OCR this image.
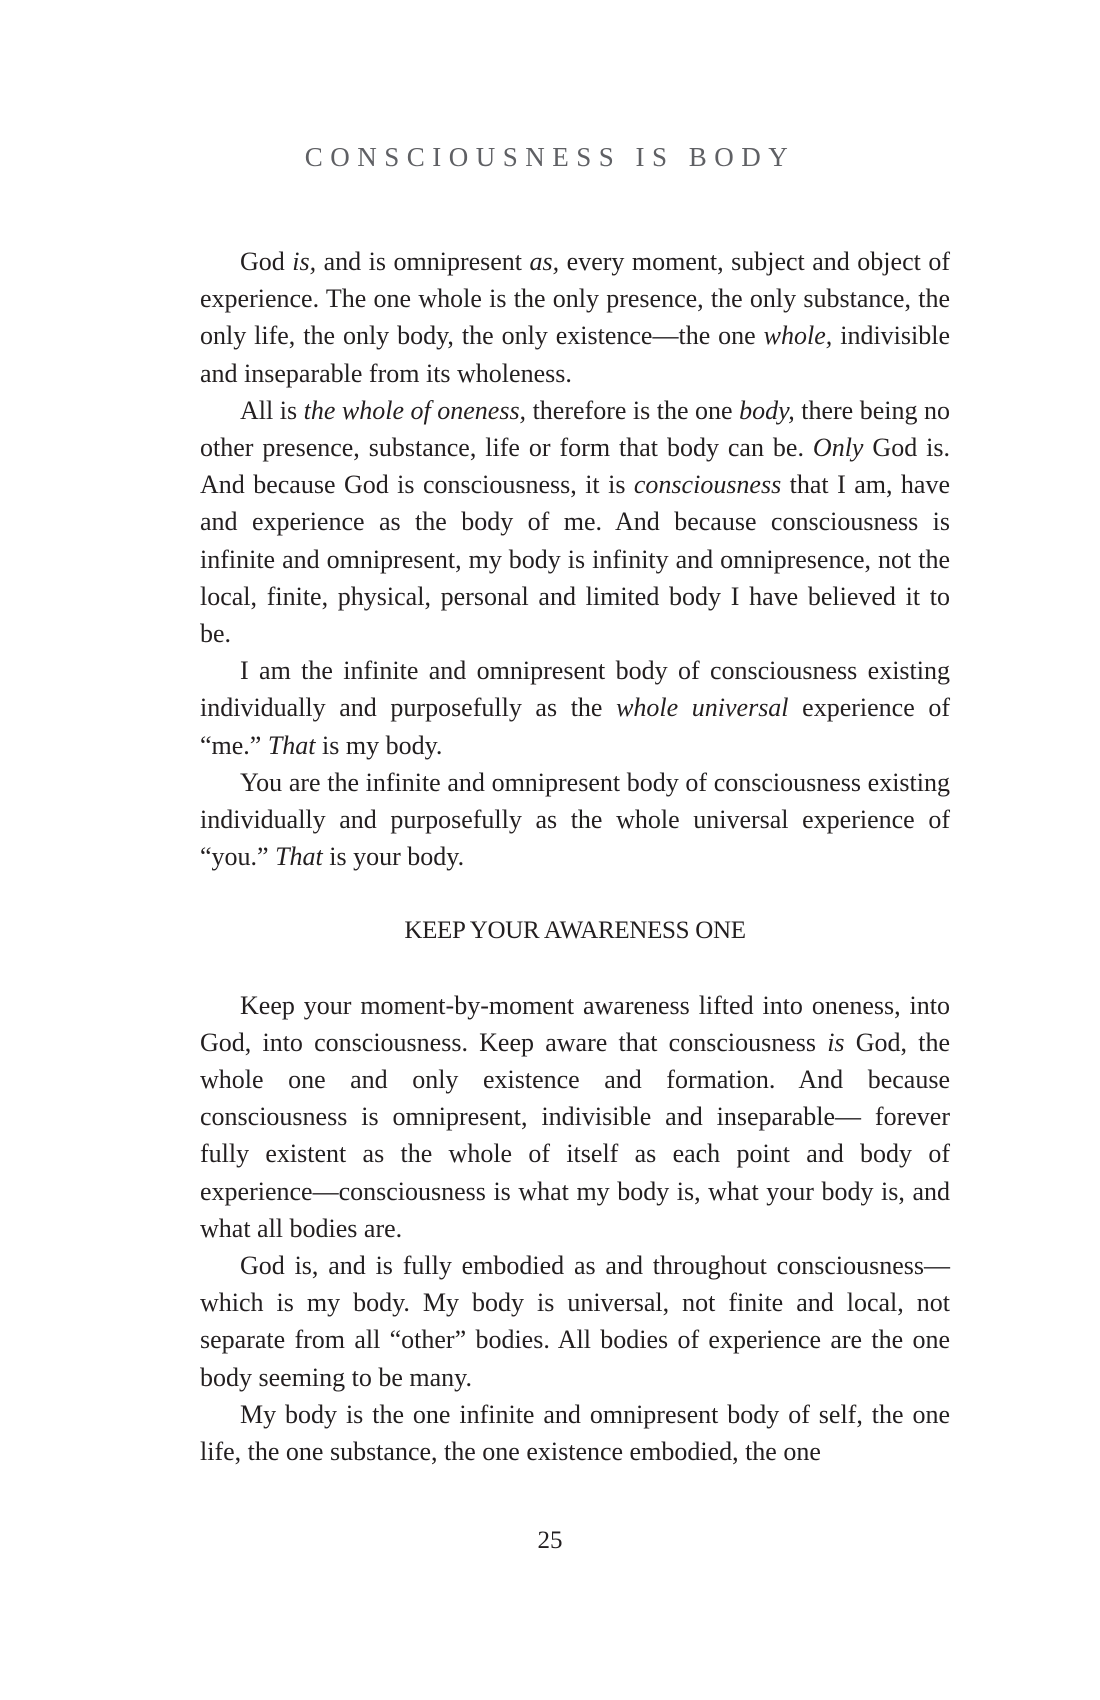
CONSCIOUSNESS IS BODY

God is, and is omnipresent as, every moment, subject and object of experience. The one whole is the only presence, the only substance, the only life, the only body, the only existence—the one whole, indivisible and inseparable from its wholeness.

All is the whole of oneness, therefore is the one body, there being no other presence, substance, life or form that body can be. Only God is. And because God is consciousness, it is consciousness that I am, have and experience as the body of me. And because consciousness is infinite and omnipresent, my body is infinity and omnipresence, not the local, finite, physical, personal and limited body I have believed it to be.

I am the infinite and omnipresent body of consciousness existing individually and purposefully as the whole universal experience of “me.” That is my body.

You are the infinite and omnipresent body of consciousness existing individually and purposefully as the whole universal experience of “you.” That is your body.

KEEP YOUR AWARENESS ONE

Keep your moment-by-moment awareness lifted into oneness, into God, into consciousness. Keep aware that consciousness is God, the whole one and only existence and formation. And because consciousness is omnipresent, indivisible and inseparable— forever fully existent as the whole of itself as each point and body of experience—consciousness is what my body is, what your body is, and what all bodies are.

God is, and is fully embodied as and throughout consciousness—which is my body. My body is universal, not finite and local, not separate from all “other” bodies. All bodies of experience are the one body seeming to be many.

My body is the one infinite and omnipresent body of self, the one life, the one substance, the one existence embodied, the one

25
